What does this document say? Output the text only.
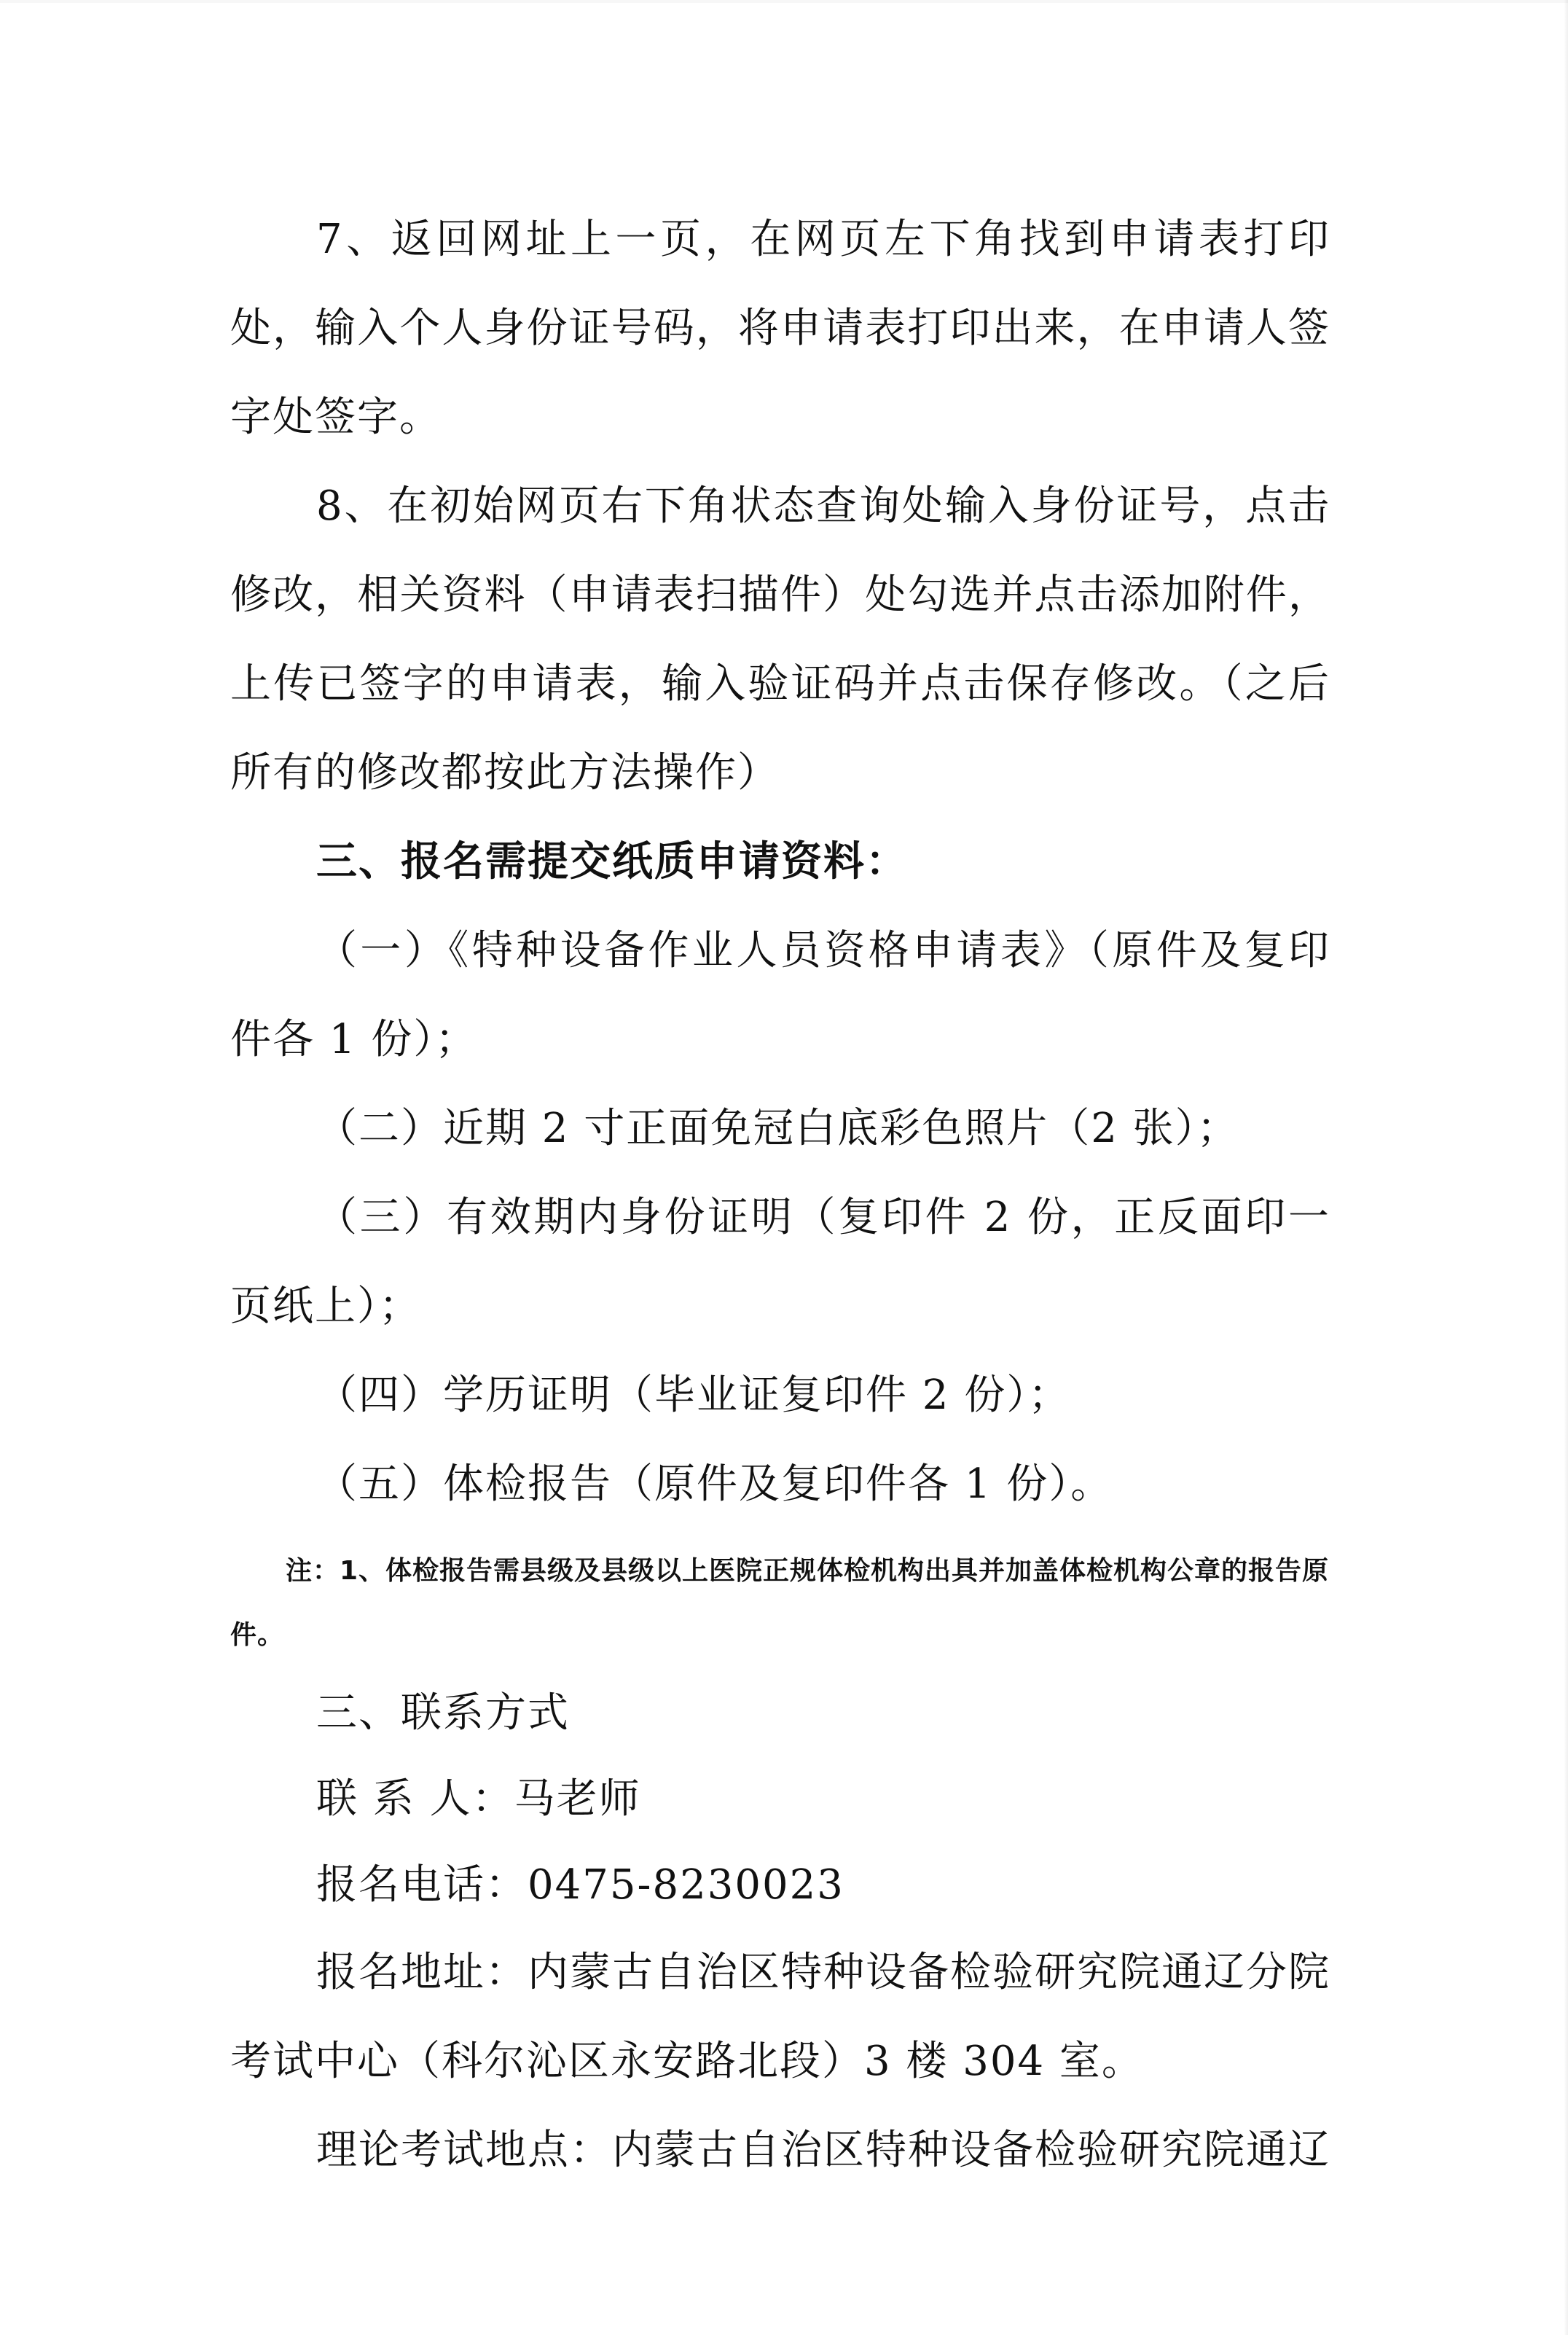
7、返回网址上一页，在网页左下角找到申请表打印处，输入个人身份证号码，将申请表打印出来，在申请人签字处签字。

8、在初始网页右下角状态查询处输入身份证号，点击修改，相关资料（申请表扫描件）处勾选并点击添加附件，上传已签字的申请表，输入验证码并点击保存修改。（之后所有的修改都按此方法操作）

三、报名需提交纸质申请资料：

（一）《特种设备作业人员资格申请表》（原件及复印件各 1 份）；

（二）近期 2 寸正面免冠白底彩色照片（2 张）；

（三）有效期内身份证明（复印件 2 份，正反面印一页纸上）；

（四）学历证明（毕业证复印件 2 份）；

（五）体检报告（原件及复印件各 1 份）。

注：1、体检报告需县级及县级以上医院正规体检机构出具并加盖体检机构公章的报告原件。

三、联系方式

联 系 人：马老师

报名电话：0475-8230023

报名地址：内蒙古自治区特种设备检验研究院通辽分院考试中心（科尔沁区永安路北段）3 楼 304 室。

理论考试地点：内蒙古自治区特种设备检验研究院通辽
